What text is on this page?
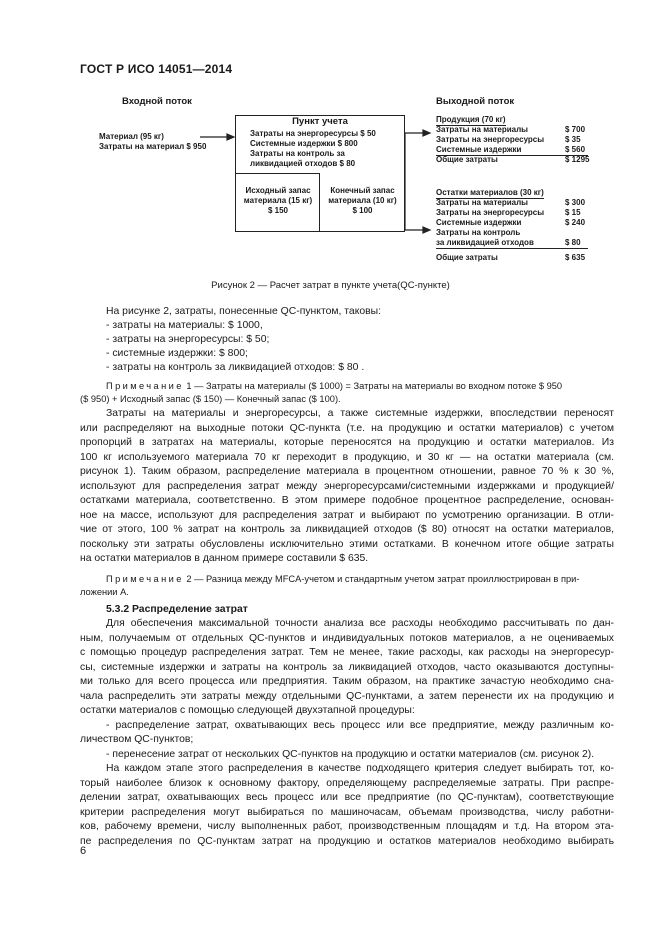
ГОСТ Р ИСО 14051—2014
Входной поток	Выходной поток
Материал (95 кг)
Затраты на материал $ 950
Пункт учета
Затраты на энергоресурсы $ 50
Системные издержки $ 800
Затраты на контроль за
ликвидацией отходов $ 80
Исходный запас
материала (15 кг)
$ 150
Конечный запас
материала (10 кг)
$ 100
Продукция (70 кг)
Затраты на материалы	$ 700
Затраты на энергоресурсы	$ 35
Системные издержки	$ 560
Общие затраты	$ 1295
Остатки материалов (30 кг)
Затраты на материалы	$ 300
Затраты на энергоресурсы	$ 15
Системные издержки	$ 240
Затраты на контроль
за ликвидацией отходов	$ 80
Общие затраты	$ 635
Рисунок 2 — Расчет затрат в пункте учета(QC-пункте)
На рисунке 2, затраты, понесенные QC-пунктом, таковы:
- затраты на материалы: $ 1000,
- затраты на энергоресурсы: $ 50;
- системные издержки: $ 800;
- затраты на контроль за ликвидацией отходов: $ 80 .
Примечание 1 — Затраты на материалы ($ 1000) = Затраты на материалы во входном потоке $ 950
($ 950) + Исходный запас ($ 150) — Конечный запас ($ 100).
Затраты на материалы и энергоресурсы, а также системные издержки, впоследствии переносят
или распределяют на выходные потоки QC-пункта (т.е. на продукцию и остатки материалов) с учетом
пропорций в затратах на материалы, которые переносятся на продукцию и остатки материалов. Из
100 кг используемого материала 70 кг переходит в продукцию, и 30 кг — на остатки материала (см.
рисунок 1). Таким образом, распределение материала в процентном отношении, равное 70 % к 30 %,
используют для распределения затрат между энергоресурсами/системными издержками и продукцией/
остатками материала, соответственно. В этом примере подобное процентное распределение, основан-
ное на массе, используют для распределения затрат и выбирают по усмотрению организации. В отли-
чие от этого, 100 % затрат на контроль за ликвидацией отходов ($ 80) относят на остатки материалов,
поскольку эти затраты обусловлены исключительно этими остатками. В конечном итоге общие затраты
на остатки материалов в данном примере составили $ 635.
Примечание 2 — Разница между MFCA-учетом и стандартным учетом затрат проиллюстрирован в при-
ложении А.
5.3.2 Распределение затрат
Для обеспечения максимальной точности анализа все расходы необходимо рассчитывать по дан-
ным, получаемым от отдельных QC-пунктов и индивидуальных потоков материалов, а не оцениваемых
с помощью процедур распределения затрат. Тем не менее, такие расходы, как расходы на энергоресур-
сы, системные издержки и затраты на контроль за ликвидацией отходов, часто оказываются доступны-
ми только для всего процесса или предприятия. Таким образом, на практике зачастую необходимо сна-
чала распределить эти затраты между отдельными QC-пунктами, а затем перенести их на продукцию и
остатки материалов с помощью следующей двухэтапной процедуры:
- распределение затрат, охватывающих весь процесс или все предприятие, между различным ко-
личеством QC-пунктов;
- перенесение затрат от нескольких QC-пунктов на продукцию и остатки материалов (см. рисунок 2).
На каждом этапе этого распределения в качестве подходящего критерия следует выбирать тот, ко-
торый наиболее близок к основному фактору, определяющему распределяемые затраты. При распре-
делении затрат, охватывающих весь процесс или все предприятие (по QC-пунктам), соответствующие
критерии распределения могут выбираться по машиночасам, объемам производства, числу работни-
ков, рабочему времени, числу выполненных работ, производственным площадям и т.д. На втором эта-
пе распределения по QC-пунктам затрат на продукцию и остатков материалов необходимо выбирать
6
